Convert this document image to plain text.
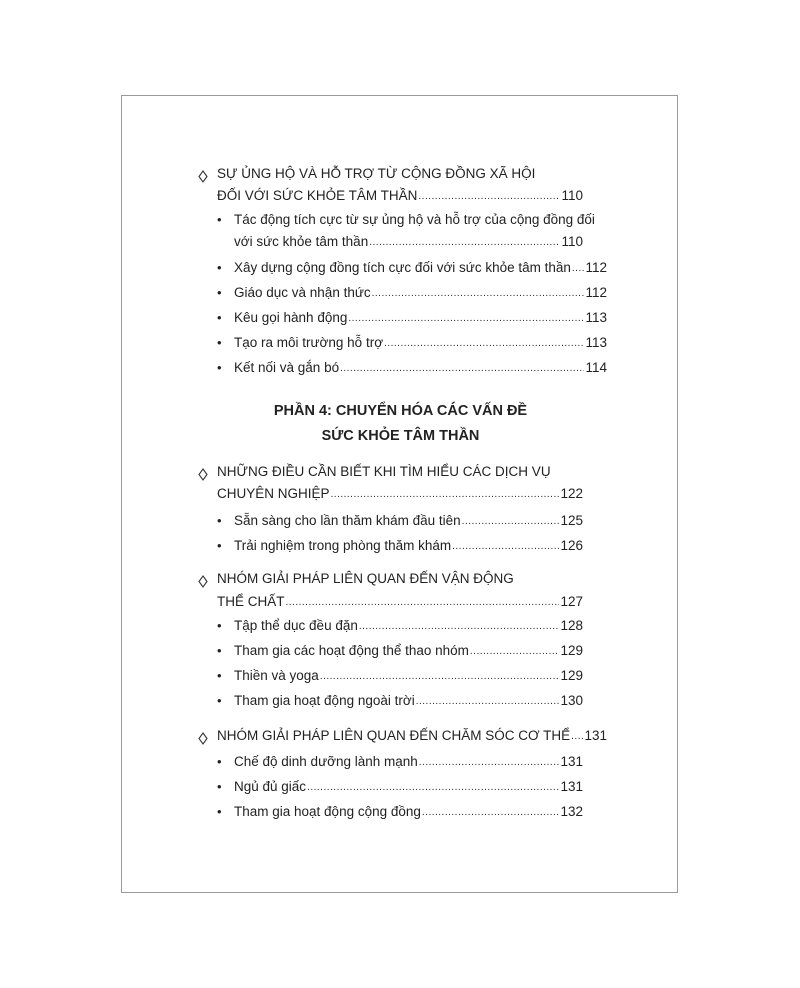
SỰ ỦNG HỘ VÀ HỖ TRỢ TỪ CỘNG ĐỒNG XÃ HỘI
ĐỐI VỚI SỨC KHỎE TÂM THẦN .....	110
• Tác động tích cực từ sự ủng hộ và hỗ trợ của cộng đồng đối
với sức khỏe tâm thần .....	110
• Xây dựng cộng đồng tích cực đối với sức khỏe tâm thần ..... 112
• Giáo dục và nhận thức .....	112
• Kêu gọi hành động .....	113
• Tạo ra môi trường hỗ trợ .....	113
• Kết nối và gắn bó .....	114
PHẦN 4: CHUYỂN HÓA CÁC VẤN ĐỀ
SỨC KHỎE TÂM THẦN
NHỮNG ĐIỀU CẦN BIẾT KHI TÌM HIỂU CÁC DỊCH VỤ
CHUYÊN NGHIỆP .....	122
• Sẵn sàng cho lần thăm khám đầu tiên .....	125
• Trải nghiệm trong phòng thăm khám .....	126
NHÓM GIẢI PHÁP LIÊN QUAN ĐẾN VẬN ĐỘNG
THỂ CHẤT .....	127
• Tập thể dục đều đặn .....	128
• Tham gia các hoạt động thể thao nhóm .....	129
• Thiền và yoga .....	129
• Tham gia hoạt động ngoài trời .....	130
NHÓM GIẢI PHÁP LIÊN QUAN ĐẾN CHĂM SÓC CƠ THỂ ..... 131
• Chế độ dinh dưỡng lành mạnh .....	131
• Ngủ đủ giấc .....	131
• Tham gia hoạt động cộng đồng .....	132
